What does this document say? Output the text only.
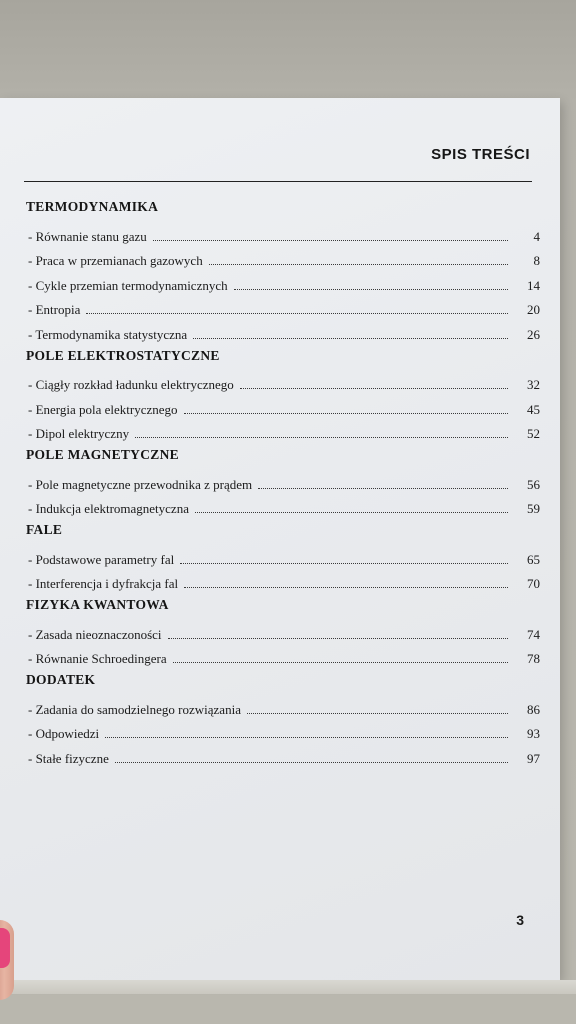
SPIS TREŚCI
TERMODYNAMIKA
- Równanie stanu gazu	4
- Praca w przemianach gazowych	8
- Cykle przemian termodynamicznych	14
- Entropia	20
- Termodynamika statystyczna	26
POLE ELEKTROSTATYCZNE
- Ciągły rozkład ładunku elektrycznego	32
- Energia pola elektrycznego	45
- Dipol elektryczny	52
POLE MAGNETYCZNE
- Pole magnetyczne przewodnika z prądem	56
- Indukcja elektromagnetyczna	59
FALE
- Podstawowe parametry fal	65
- Interferencja i dyfrakcja fal	70
FIZYKA KWANTOWA
- Zasada nieoznaczoności	74
- Równanie Schroedingera	78
DODATEK
- Zadania do samodzielnego rozwiązania	86
- Odpowiedzi	93
- Stałe fizyczne	97
3
